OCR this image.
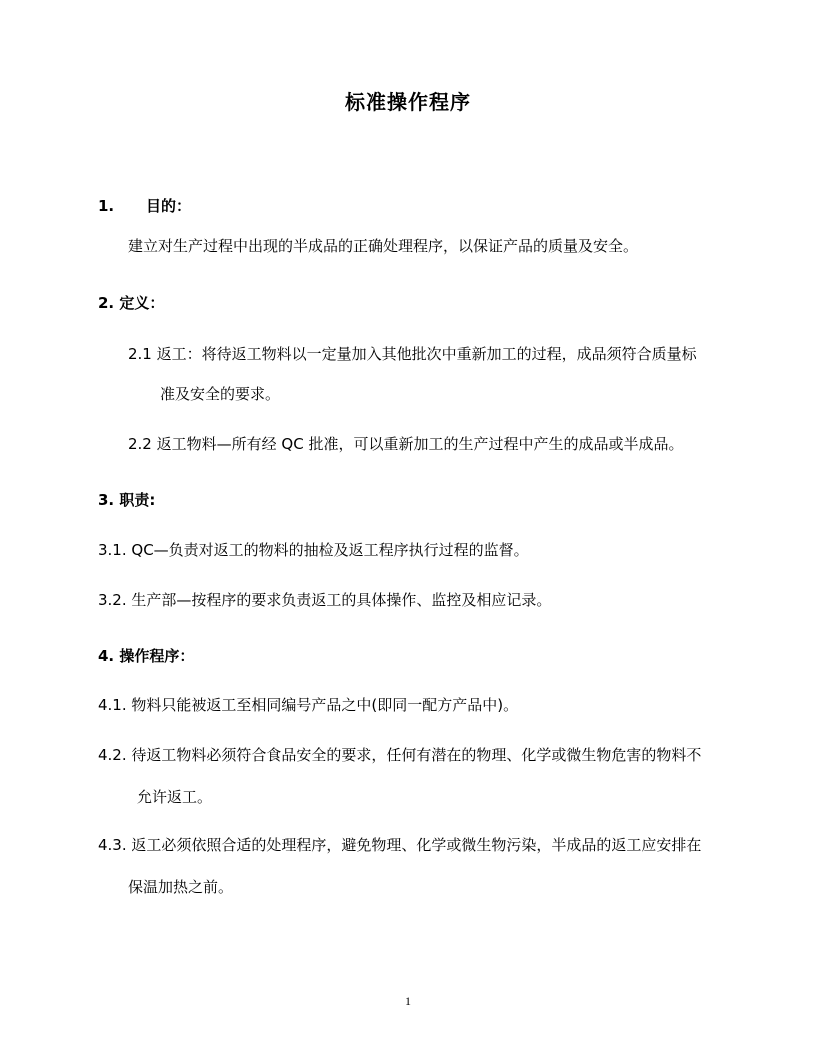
标准操作程序
1. 目的：
建立对生产过程中出现的半成品的正确处理程序，以保证产品的质量及安全。
2. 定义：
2.1 返工：将待返工物料以一定量加入其他批次中重新加工的过程，成品须符合质量标
准及安全的要求。
2.2 返工物料—所有经 QC 批准，可以重新加工的生产过程中产生的成品或半成品。
3. 职责:
3.1. QC—负责对返工的物料的抽检及返工程序执行过程的监督。
3.2. 生产部—按程序的要求负责返工的具体操作、监控及相应记录。
4. 操作程序：
4.1. 物料只能被返工至相同编号产品之中(即同一配方产品中)。
4.2. 待返工物料必须符合食品安全的要求，任何有潜在的物理、化学或微生物危害的物料不
允许返工。
4.3. 返工必须依照合适的处理程序，避免物理、化学或微生物污染，半成品的返工应安排在
保温加热之前。
1
